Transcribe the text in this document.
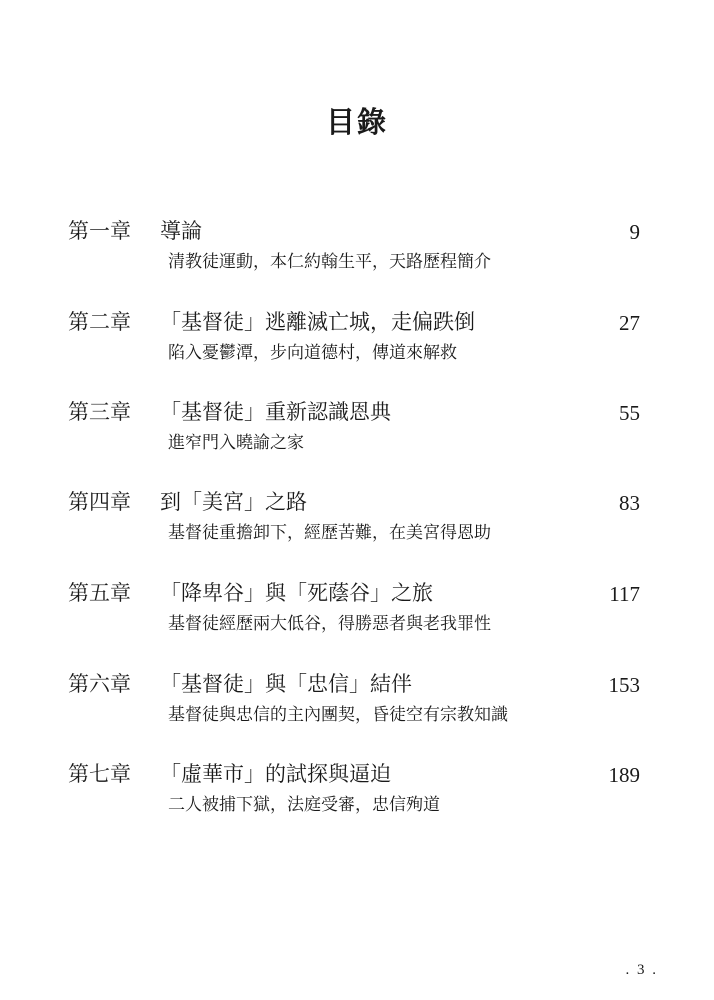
目錄
第一章 導論	9
清教徒運動，本仁約翰生平，天路歷程簡介
第二章 「基督徒」逃離滅亡城，走偏跌倒	27
陷入憂鬱潭，步向道德村，傳道來解救
第三章 「基督徒」重新認識恩典	55
進窄門入曉諭之家
第四章 到「美宮」之路	83
基督徒重擔卸下，經歷苦難，在美宮得恩助
第五章 「降卑谷」與「死蔭谷」之旅	117
基督徒經歷兩大低谷，得勝惡者與老我罪性
第六章 「基督徒」與「忠信」結伴	153
基督徒與忠信的主內團契，昏徒空有宗教知識
第七章 「虛華市」的試探與逼迫	189
二人被捕下獄，法庭受審，忠信殉道
. 3 .
